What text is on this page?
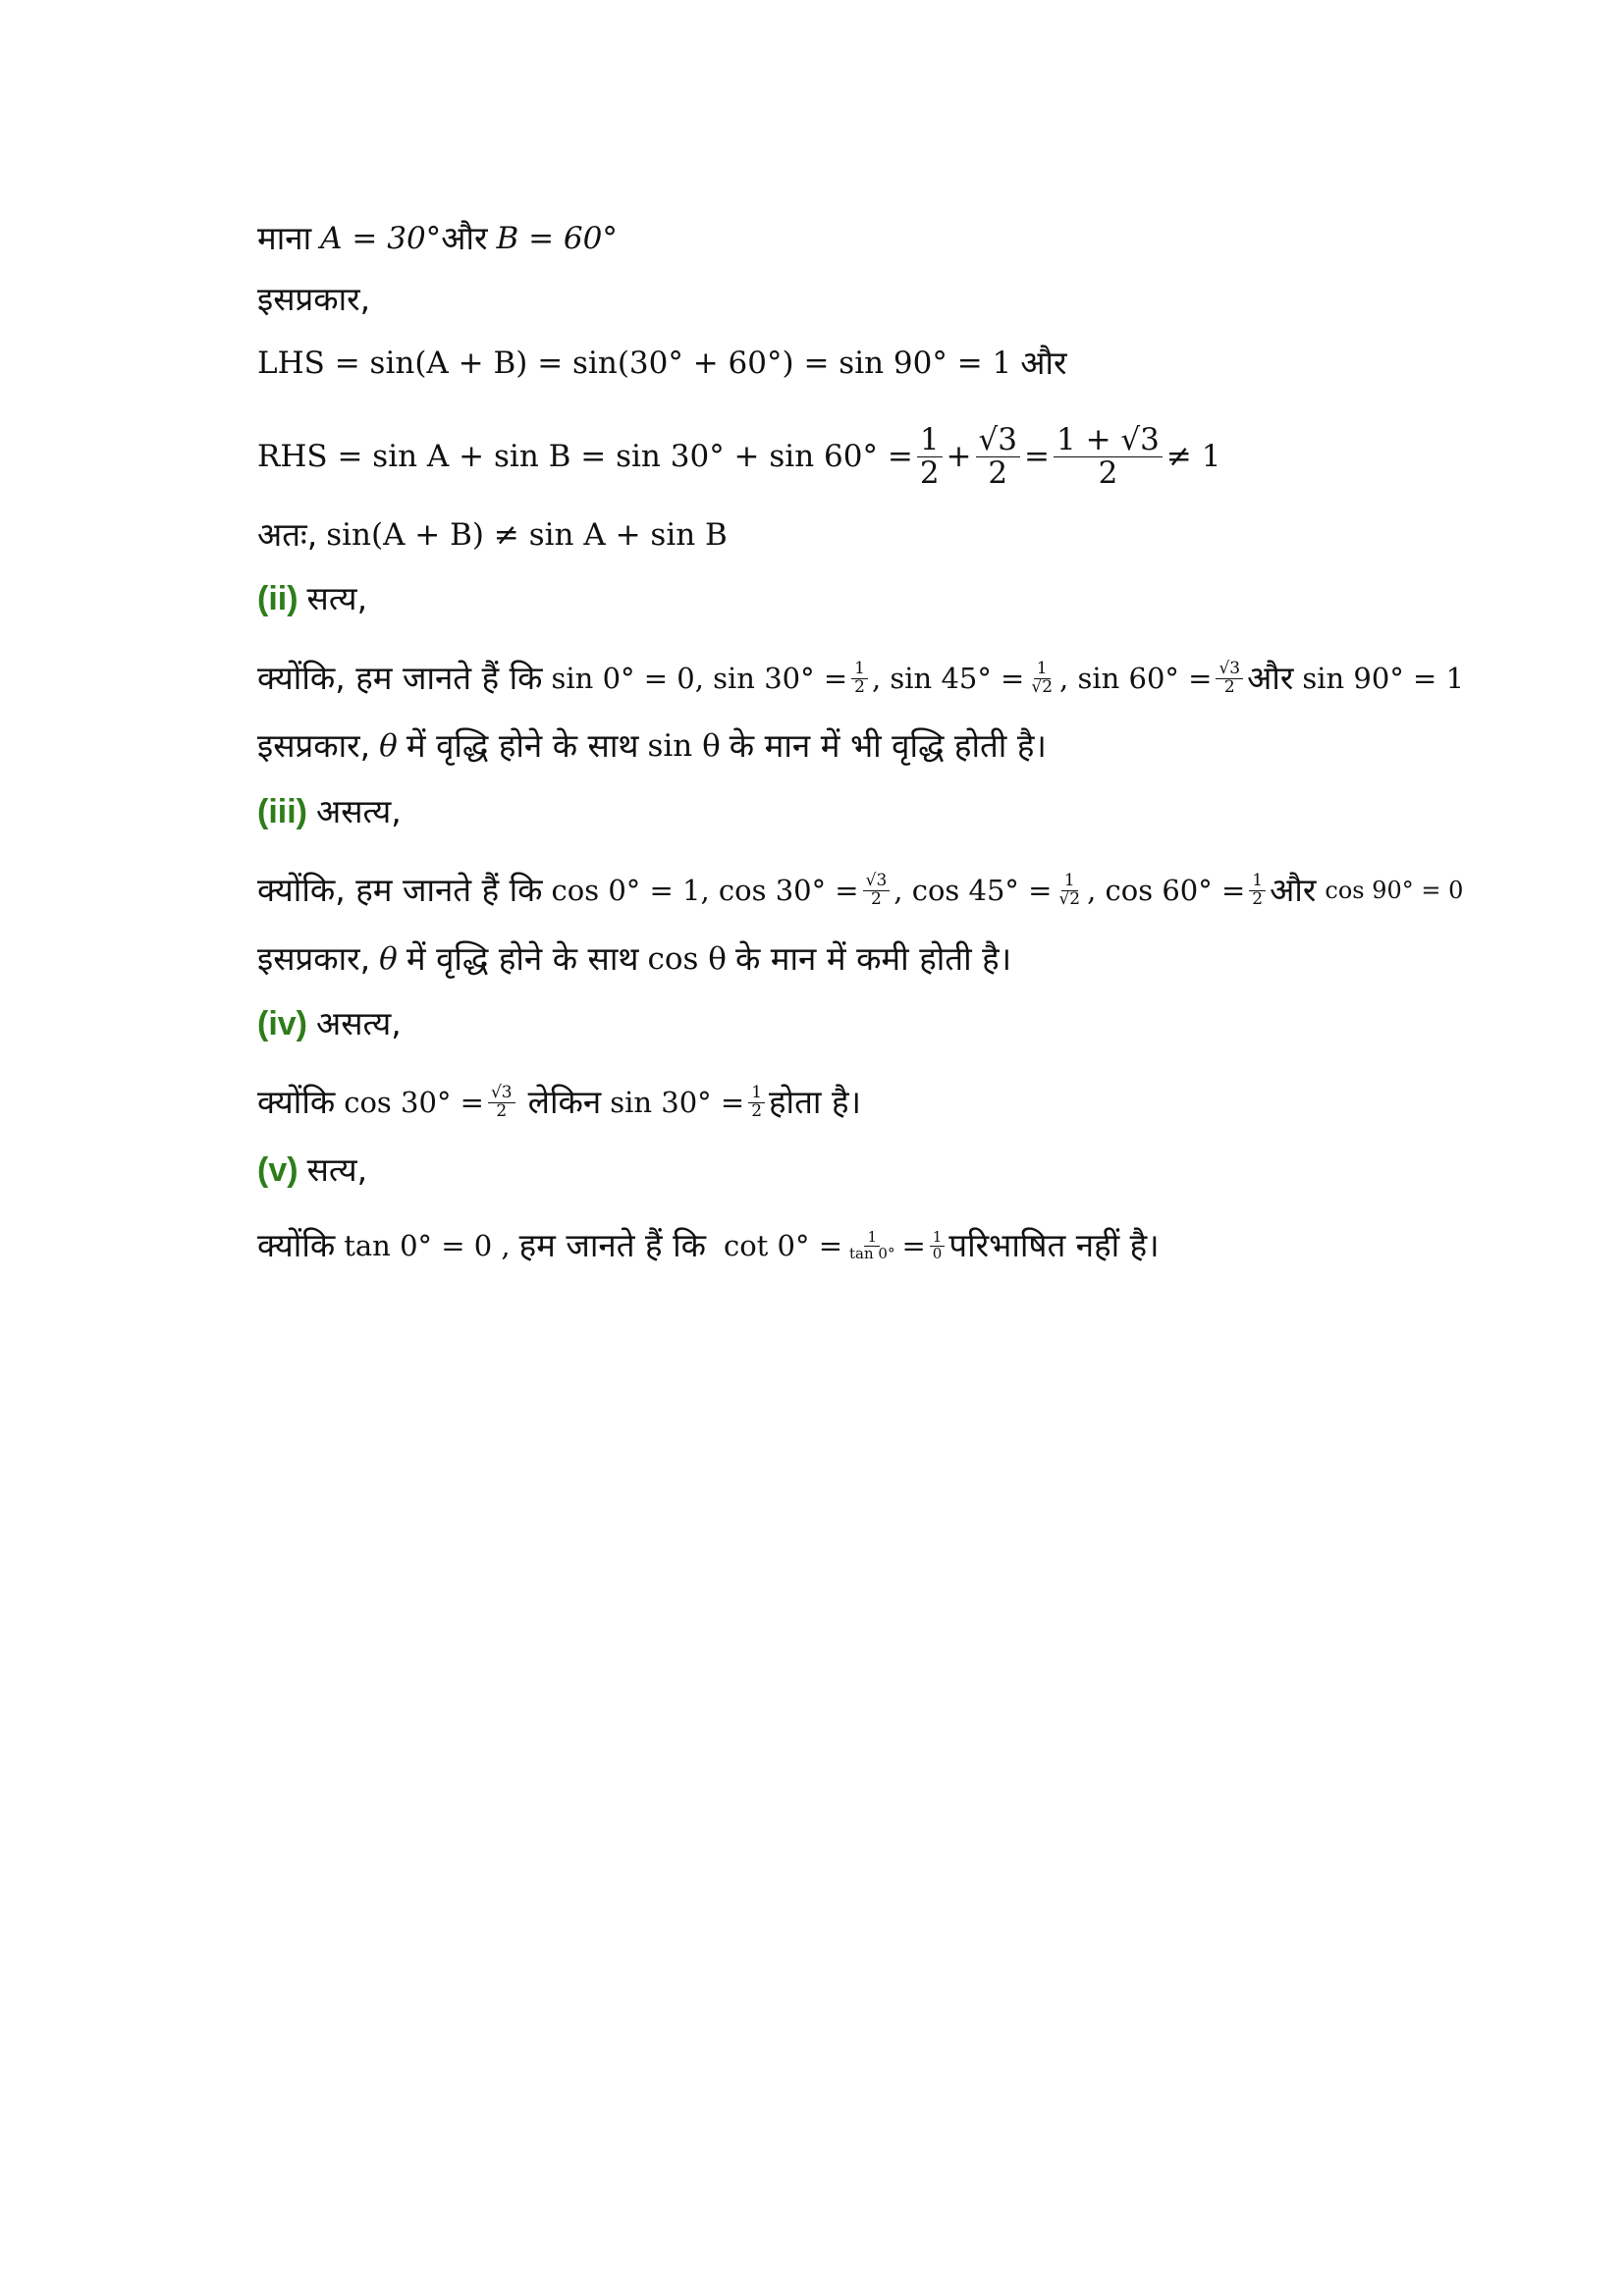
माना A = 30° और B = 60°
इसप्रकार,
LHS = sin(A + B) = sin(30° + 60°) = sin 90° = 1 और
RHS = $\sin A + \sin B = \sin 30^\circ + \sin 60^\circ = \frac{1}{2} + \frac{√3}{2} = \frac{1 + √3}{2} \ne 1$
अतः, sin(A + B) ≠ sin A + sin B
(ii) सत्य,
क्योंकि, हम जानते हैं कि sin 0° = 0, $\sin 30^\circ = \frac{1}{2}$ , $\sin 45^\circ = \frac{1}{√2}$ , $\sin 60^\circ = \frac{√3}{2}$ और sin 90° = 1
इसप्रकार, θ में वृद्धि होने के साथ sin θ के मान में भी वृद्धि होती है।
(iii) असत्य,
क्योंकि, हम जानते हैं कि cos 0° = 1, $\cos 30^\circ = \frac{√3}{2}$ , $\cos 45^\circ = \frac{1}{√2}$ , $\cos 60^\circ = \frac{1}{2}$ और cos 90° = 0
इसप्रकार, θ में वृद्धि होने के साथ cos θ के मान में कमी होती है।
(iv) असत्य,
क्योंकि $\cos 30^\circ = \frac{√3}{2}$ लेकिन $\sin 30^\circ = \frac{1}{2}$ होता है।
(v) सत्य,
क्योंकि tan 0° = 0 , हम जानते हैं कि $\cot 0^\circ = \frac{1}{\tan 0^\circ} = \frac{1}{0}$ परिभाषित नहीं है।
